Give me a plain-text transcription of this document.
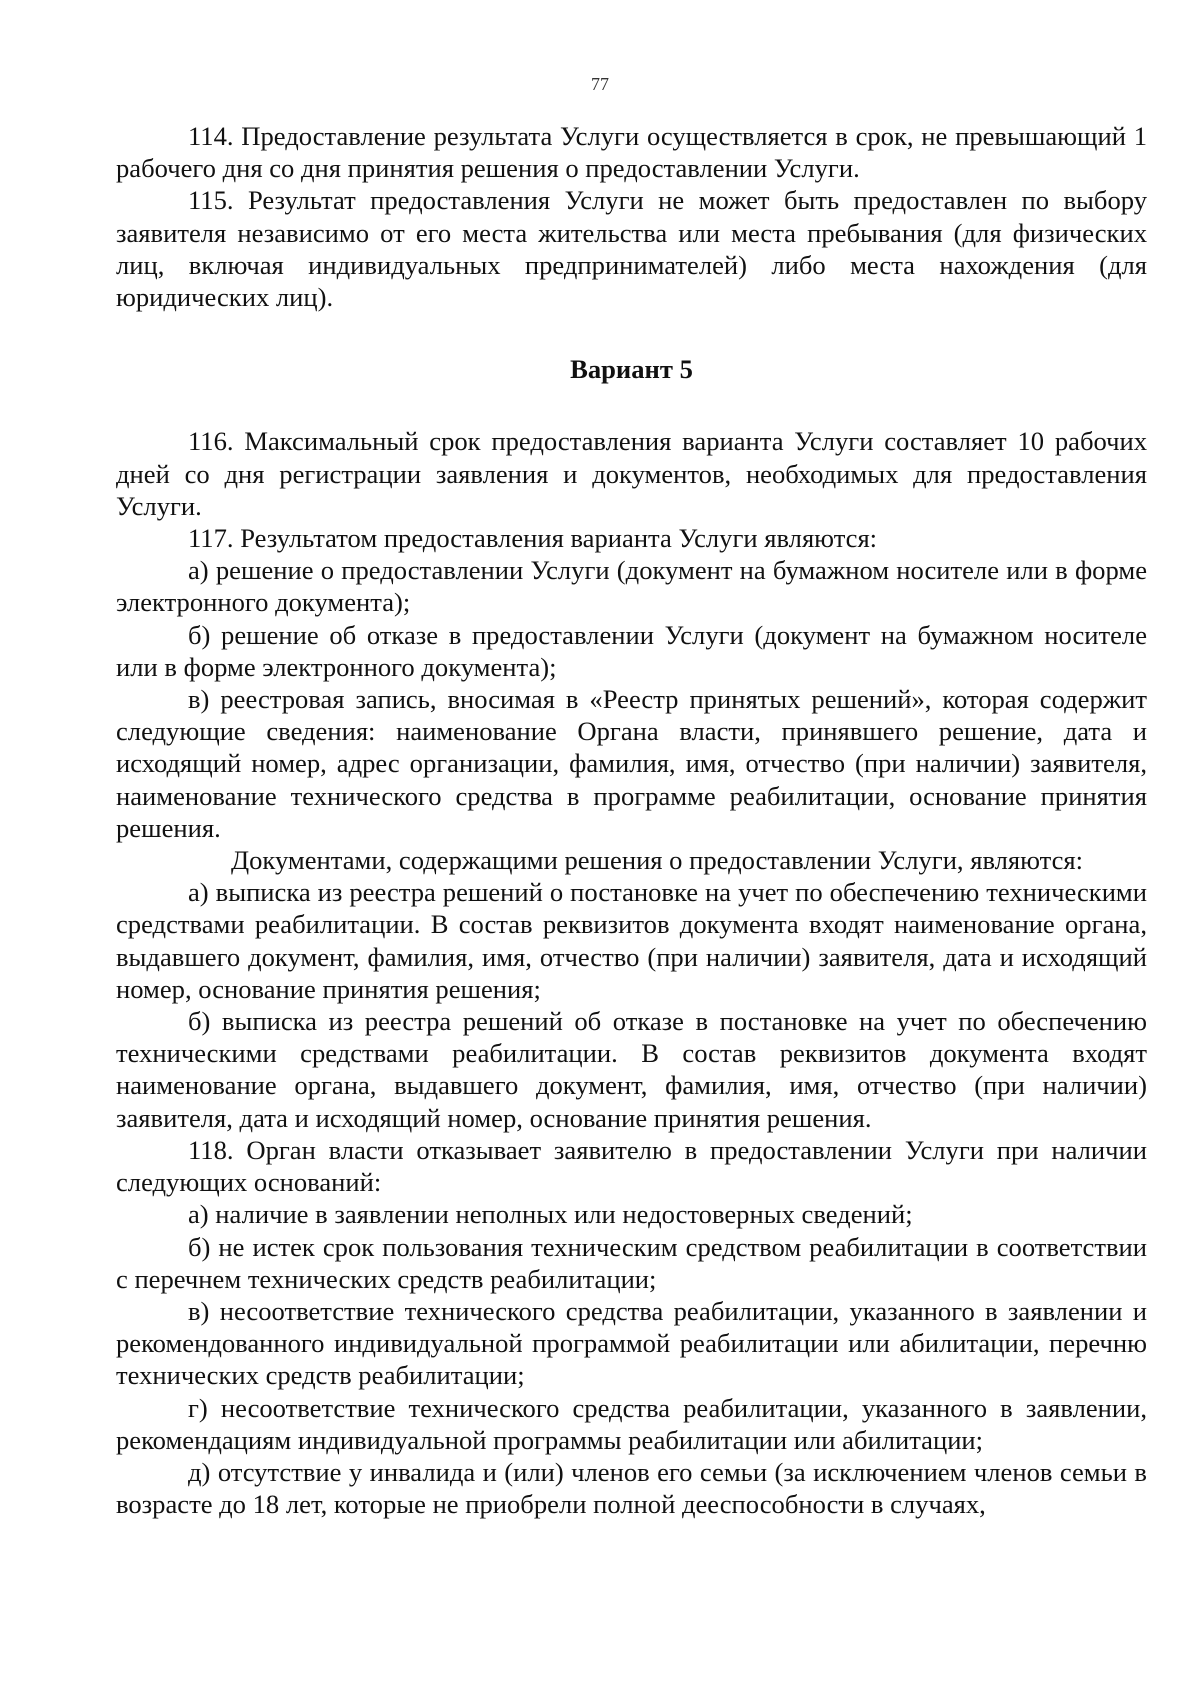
77

114. Предоставление результата Услуги осуществляется в срок, не превышающий 1 рабочего дня со дня принятия решения о предоставлении Услуги.

115. Результат предоставления Услуги не может быть предоставлен по выбору заявителя независимо от его места жительства или места пребывания (для физических лиц, включая индивидуальных предпринимателей) либо места нахождения (для юридических лиц).

Вариант 5

116. Максимальный срок предоставления варианта Услуги составляет 10 рабочих дней со дня регистрации заявления и документов, необходимых для предоставления Услуги.

117. Результатом предоставления варианта Услуги являются:

а) решение о предоставлении Услуги (документ на бумажном носителе или в форме электронного документа);

б) решение об отказе в предоставлении Услуги (документ на бумажном носителе или в форме электронного документа);

в) реестровая запись, вносимая в «Реестр принятых решений», которая содержит следующие сведения: наименование Органа власти, принявшего решение, дата и исходящий номер, адрес организации, фамилия, имя, отчество (при наличии) заявителя, наименование технического средства в программе реабилитации, основание принятия решения.

Документами, содержащими решения о предоставлении Услуги, являются:

а) выписка из реестра решений о постановке на учет по обеспечению техническими средствами реабилитации. В состав реквизитов документа входят наименование органа, выдавшего документ, фамилия, имя, отчество (при наличии) заявителя, дата и исходящий номер, основание принятия решения;

б) выписка из реестра решений об отказе в постановке на учет по обеспечению техническими средствами реабилитации. В состав реквизитов документа входят наименование органа, выдавшего документ, фамилия, имя, отчество (при наличии) заявителя, дата и исходящий номер, основание принятия решения.

118. Орган власти отказывает заявителю в предоставлении Услуги при наличии следующих оснований:

а) наличие в заявлении неполных или недостоверных сведений;

б) не истек срок пользования техническим средством реабилитации в соответствии с перечнем технических средств реабилитации;

в) несоответствие технического средства реабилитации, указанного в заявлении и рекомендованного индивидуальной программой реабилитации или абилитации, перечню технических средств реабилитации;

г) несоответствие технического средства реабилитации, указанного в заявлении, рекомендациям индивидуальной программы реабилитации или абилитации;

д) отсутствие у инвалида и (или) членов его семьи (за исключением членов семьи в возрасте до 18 лет, которые не приобрели полной дееспособности в случаях,
